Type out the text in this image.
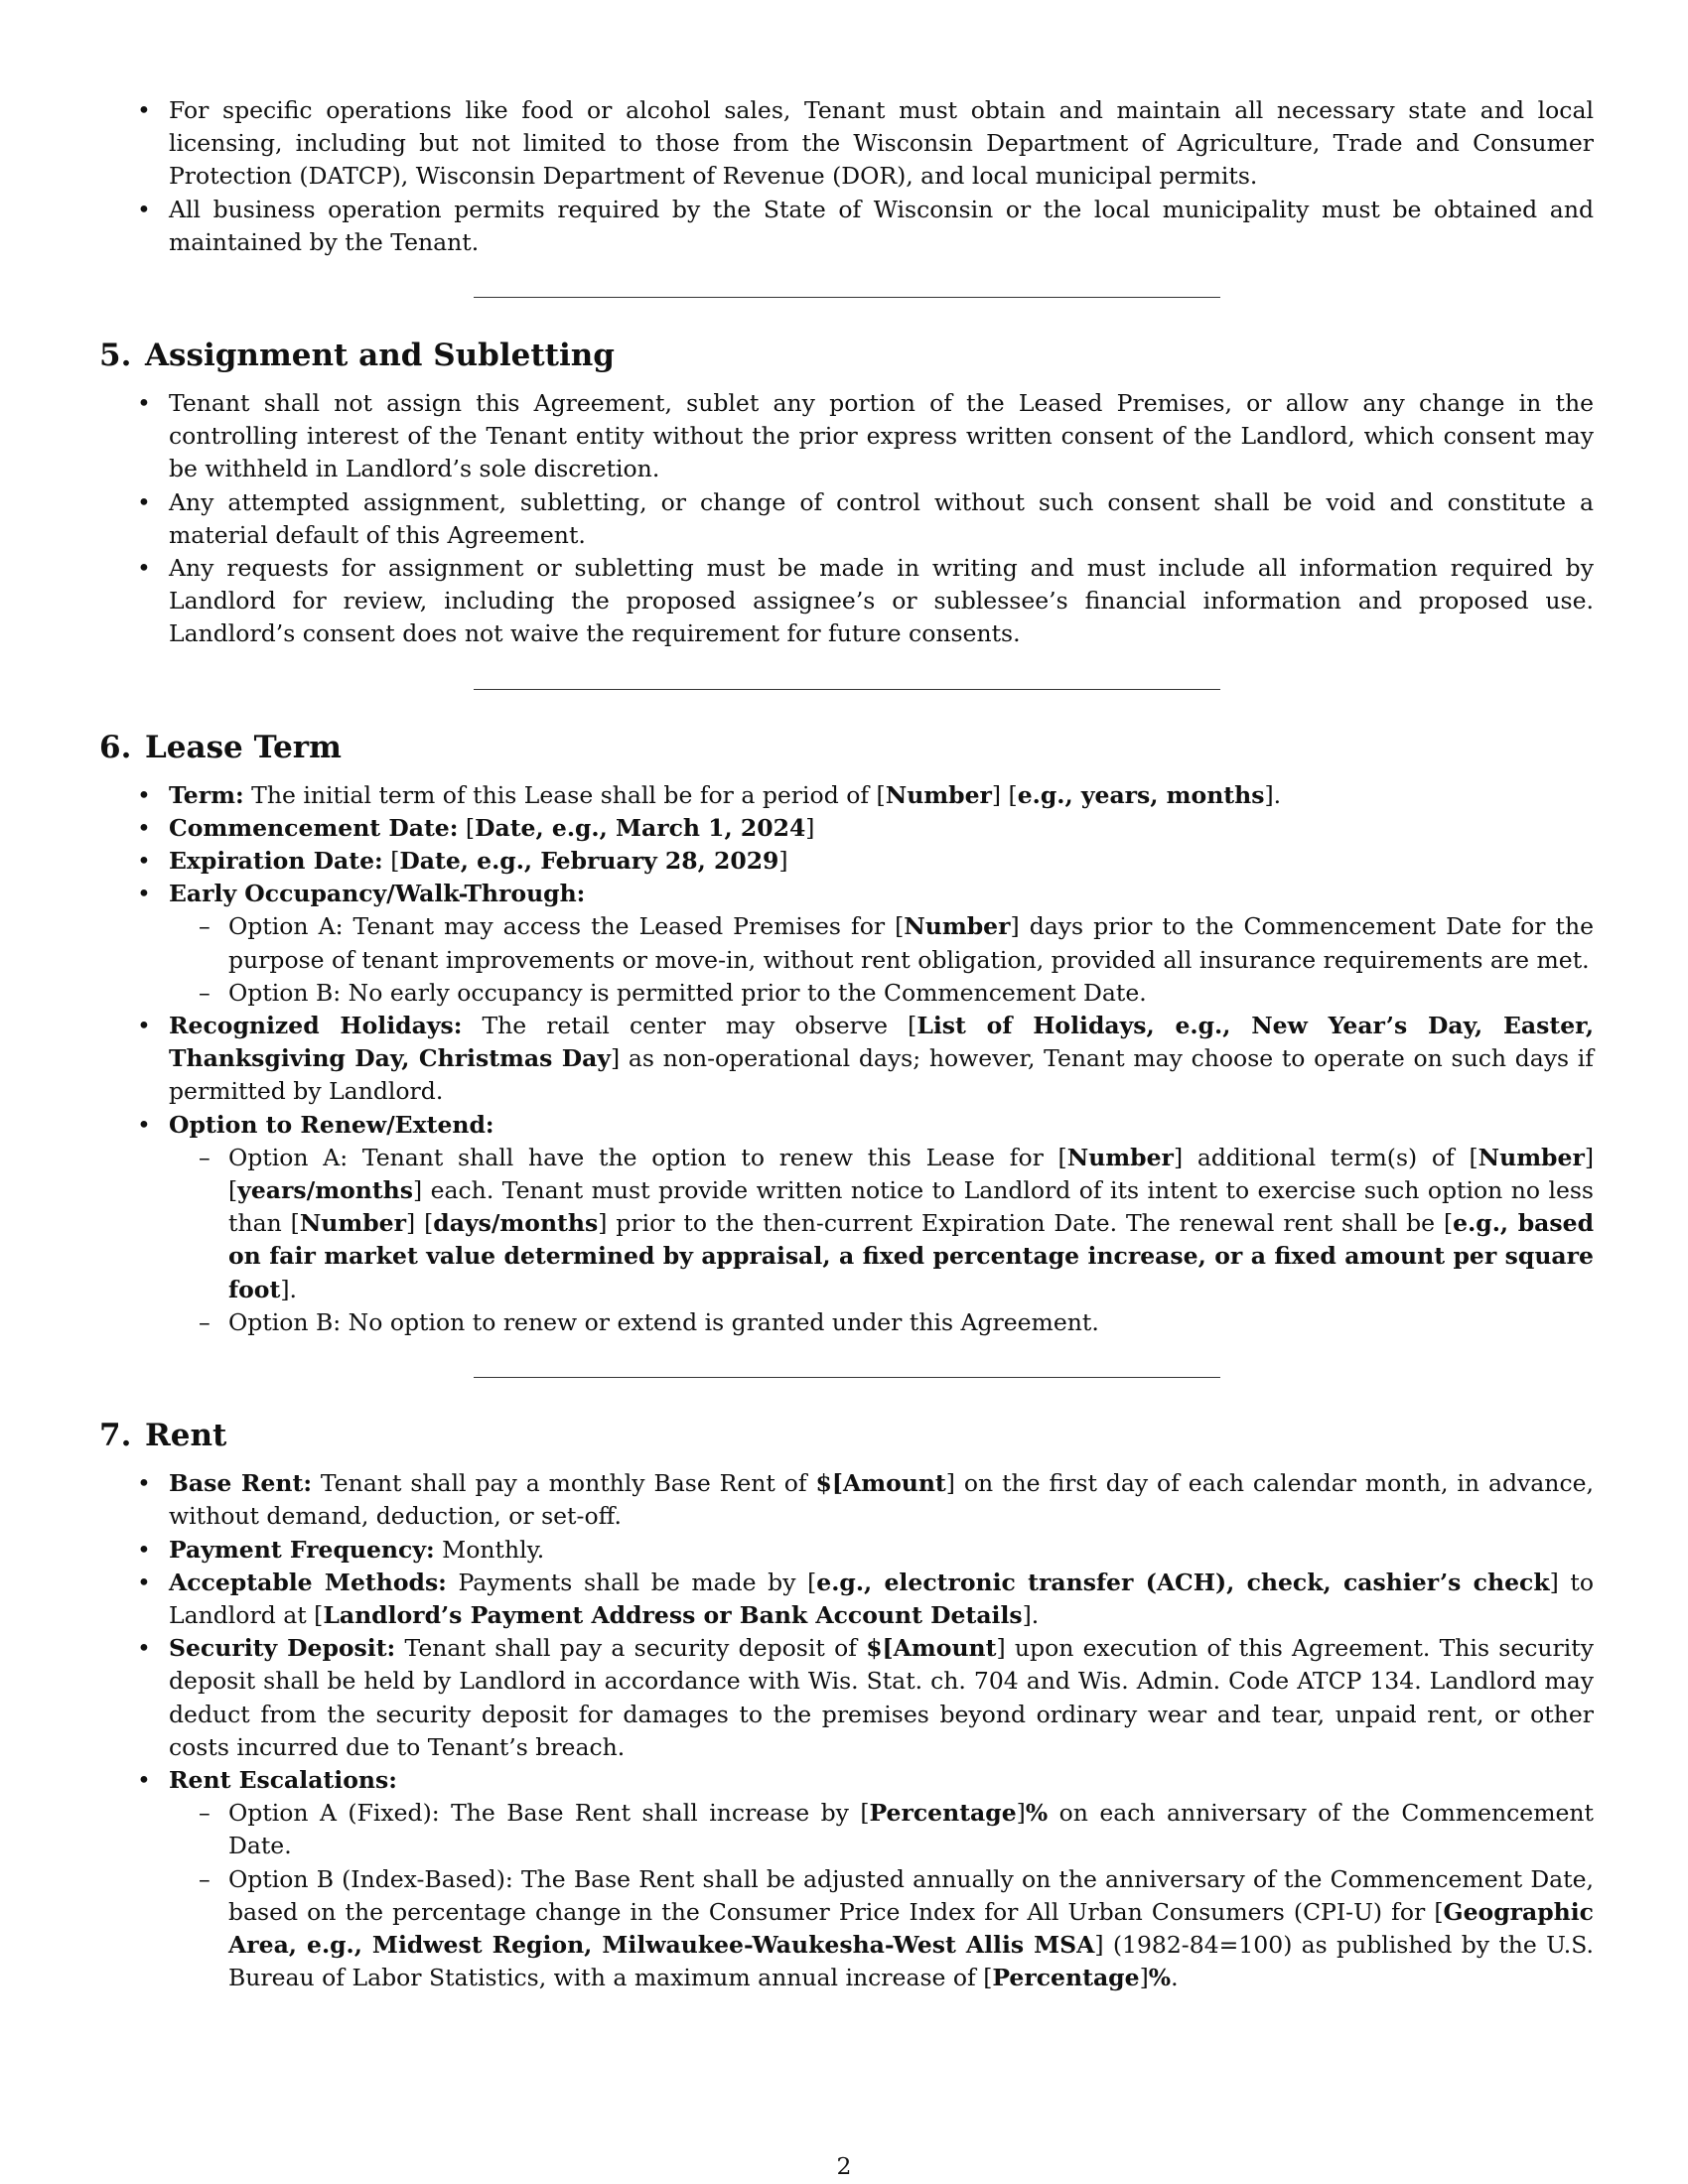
• For specific operations like food or alcohol sales, Tenant must obtain and maintain all necessary state and local licensing, including but not limited to those from the Wisconsin Department of Agriculture, Trade and Consumer Protection (DATCP), Wisconsin Department of Revenue (DOR), and local municipal permits.
• All business operation permits required by the State of Wisconsin or the local municipality must be obtained and maintained by the Tenant.
5. Assignment and Subletting
• Tenant shall not assign this Agreement, sublet any portion of the Leased Premises, or allow any change in the controlling interest of the Tenant entity without the prior express written consent of the Landlord, which consent may be withheld in Landlord’s sole discretion.
• Any attempted assignment, subletting, or change of control without such consent shall be void and constitute a material default of this Agreement.
• Any requests for assignment or subletting must be made in writing and must include all information required by Landlord for review, including the proposed assignee’s or sublessee’s financial information and proposed use. Landlord’s consent does not waive the requirement for future consents.
6. Lease Term
• Term: The initial term of this Lease shall be for a period of [Number] [e.g., years, months].
• Commencement Date: [Date, e.g., March 1, 2024]
• Expiration Date: [Date, e.g., February 28, 2029]
• Early Occupancy/Walk-Through:
– Option A: Tenant may access the Leased Premises for [Number] days prior to the Commencement Date for the purpose of tenant improvements or move-in, without rent obligation, provided all insurance requirements are met.
– Option B: No early occupancy is permitted prior to the Commencement Date.
• Recognized Holidays: The retail center may observe [List of Holidays, e.g., New Year’s Day, Easter, Thanksgiving Day, Christmas Day] as non-operational days; however, Tenant may choose to operate on such days if permitted by Landlord.
• Option to Renew/Extend:
– Option A: Tenant shall have the option to renew this Lease for [Number] additional term(s) of [Number] [years/months] each. Tenant must provide written notice to Landlord of its intent to exercise such option no less than [Number] [days/months] prior to the then-current Expiration Date. The renewal rent shall be [e.g., based on fair market value determined by appraisal, a fixed percentage increase, or a fixed amount per square foot].
– Option B: No option to renew or extend is granted under this Agreement.
7. Rent
• Base Rent: Tenant shall pay a monthly Base Rent of $[Amount] on the first day of each calendar month, in advance, without demand, deduction, or set-off.
• Payment Frequency: Monthly.
• Acceptable Methods: Payments shall be made by [e.g., electronic transfer (ACH), check, cashier’s check] to Landlord at [Landlord’s Payment Address or Bank Account Details].
• Security Deposit: Tenant shall pay a security deposit of $[Amount] upon execution of this Agreement. This security deposit shall be held by Landlord in accordance with Wis. Stat. ch. 704 and Wis. Admin. Code ATCP 134. Landlord may deduct from the security deposit for damages to the premises beyond ordinary wear and tear, unpaid rent, or other costs incurred due to Tenant’s breach.
• Rent Escalations:
– Option A (Fixed): The Base Rent shall increase by [Percentage]% on each anniversary of the Commencement Date.
– Option B (Index-Based): The Base Rent shall be adjusted annually on the anniversary of the Commencement Date, based on the percentage change in the Consumer Price Index for All Urban Consumers (CPI-U) for [Geographic Area, e.g., Midwest Region, Milwaukee-Waukesha-West Allis MSA] (1982-84=100) as published by the U.S. Bureau of Labor Statistics, with a maximum annual increase of [Percentage]%.
2
